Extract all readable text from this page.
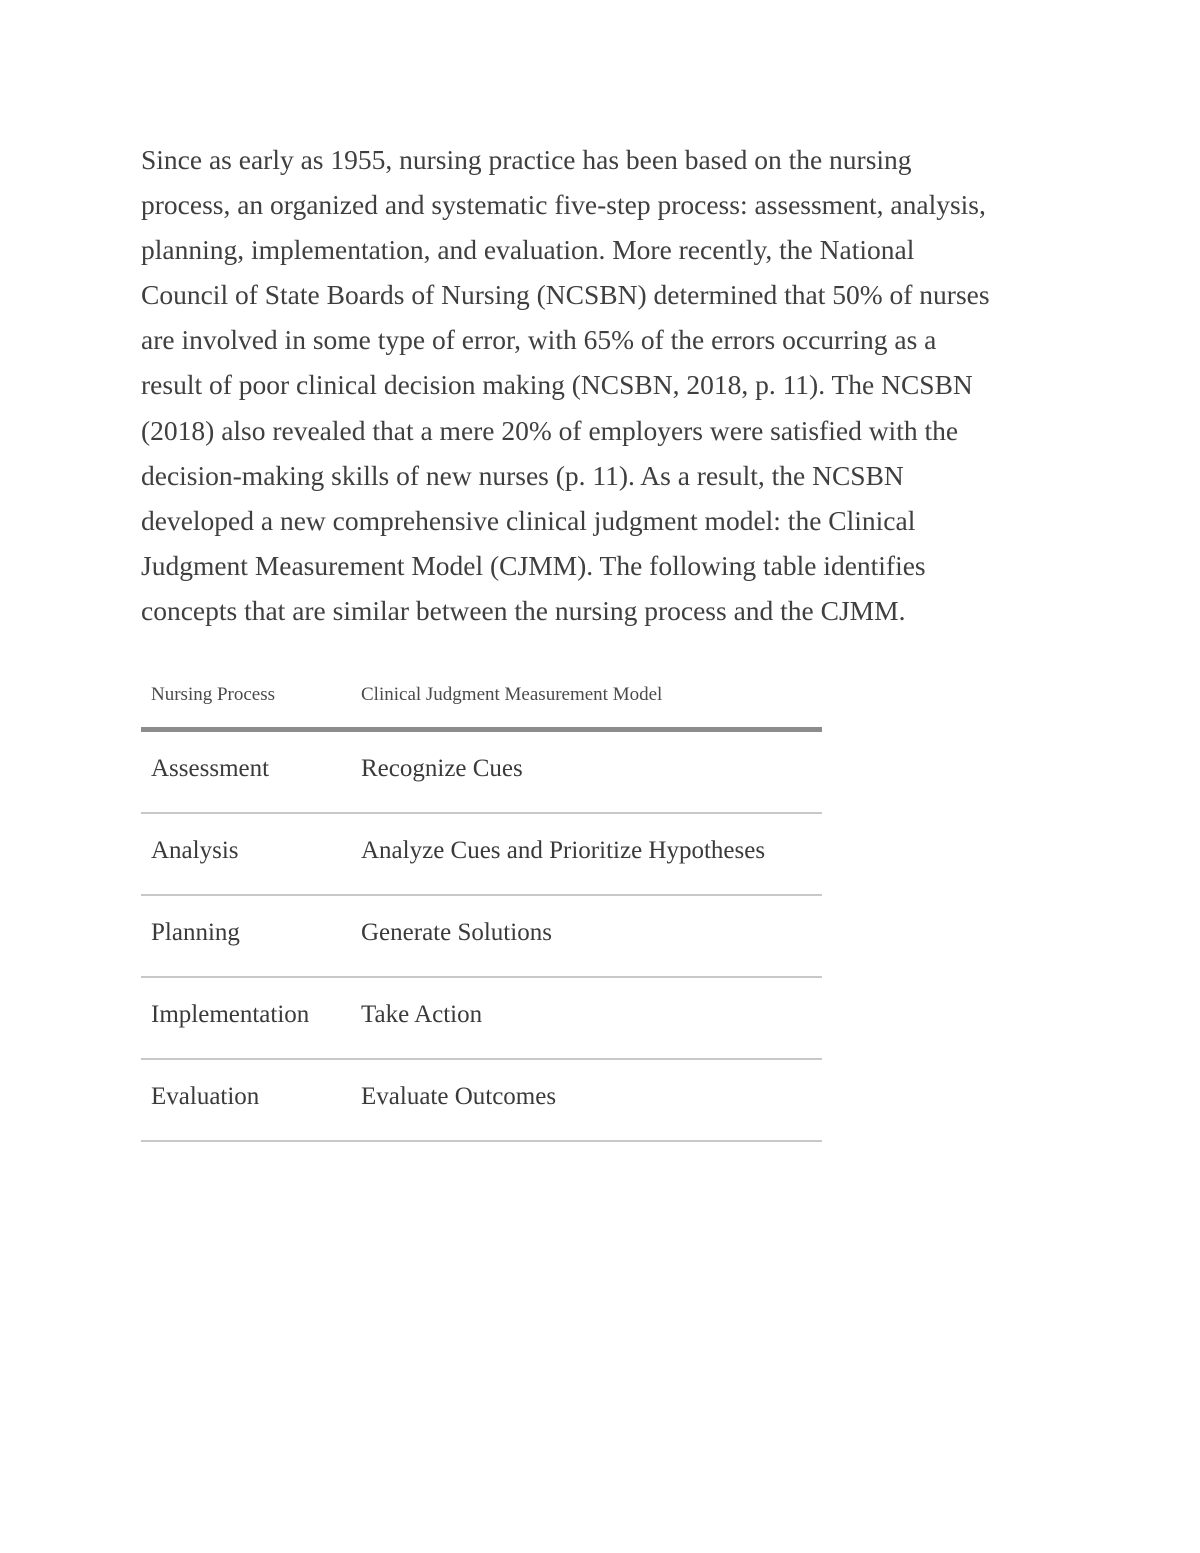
Since as early as 1955, nursing practice has been based on the nursing
process, an organized and systematic five-step process: assessment, analysis,
planning, implementation, and evaluation. More recently, the National
Council of State Boards of Nursing (NCSBN) determined that 50% of nurses
are involved in some type of error, with 65% of the errors occurring as a
result of poor clinical decision making (NCSBN, 2018, p. 11). The NCSBN
(2018) also revealed that a mere 20% of employers were satisfied with the
decision-making skills of new nurses (p. 11). As a result, the NCSBN
developed a new comprehensive clinical judgment model: the Clinical
Judgment Measurement Model (CJMM). The following table identifies
concepts that are similar between the nursing process and the CJMM.

Nursing Process	Clinical Judgment Measurement Model
Assessment	Recognize Cues
Analysis	Analyze Cues and Prioritize Hypotheses
Planning	Generate Solutions
Implementation	Take Action
Evaluation	Evaluate Outcomes
